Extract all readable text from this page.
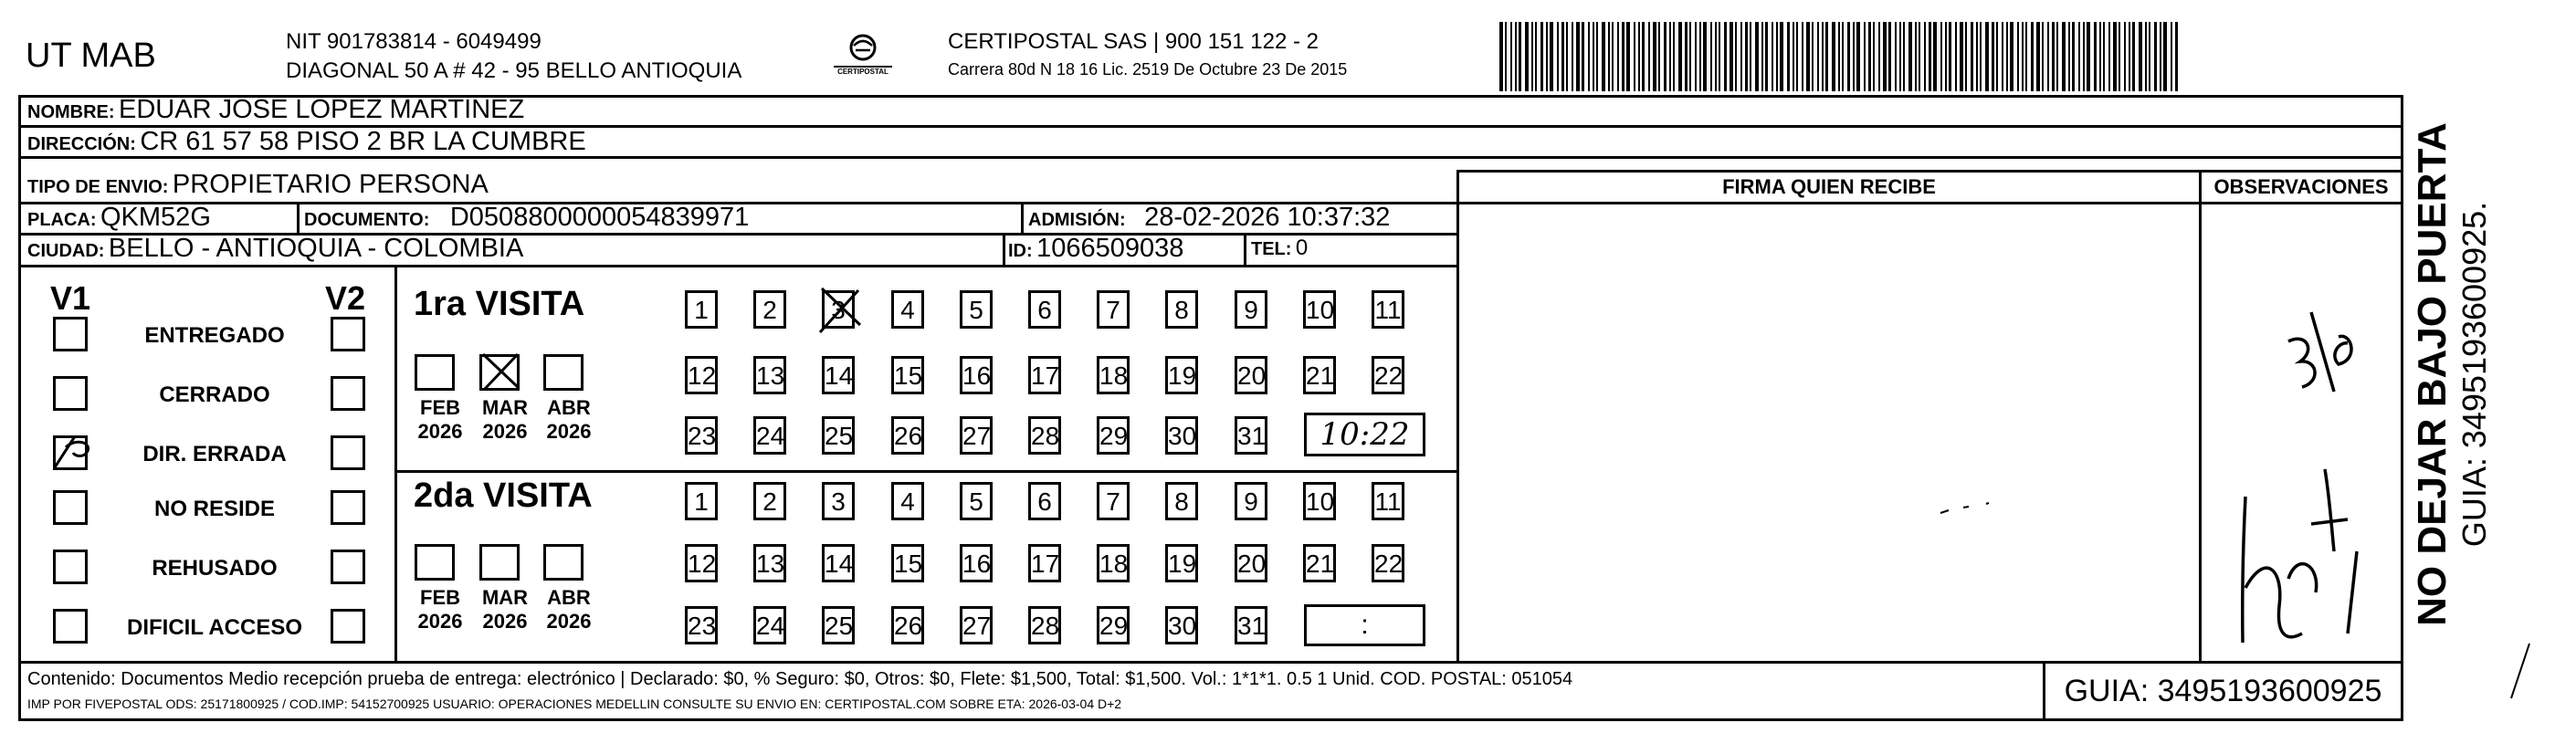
UT MAB	NIT 901783814 - 6049499
DIAGONAL 50 A # 42 - 95 BELLO ANTIOQUIA	CERTIPOSTAL
CERTIPOSTAL SAS | 900 151 122 - 2
Carrera 80d N 18 16 Lic. 2519 De Octubre 23 De 2015
NOMBRE: EDUAR JOSE LOPEZ MARTINEZ
DIRECCIÓN: CR 61 57 58 PISO 2 BR LA CUMBRE
TIPO DE ENVIO: PROPIETARIO PERSONA
PLACA: QKM52G	DOCUMENTO: D0508800000054839971	ADMISIÓN: 28-02-2026 10:37:32
CIUDAD: BELLO - ANTIOQUIA - COLOMBIA	ID: 1066509038	TEL: 0
FIRMA QUIEN RECIBE	OBSERVACIONES
V1	V2
ENTREGADO
CERRADO
DIR. ERRADA
NO RESIDE
REHUSADO
DIFICIL ACCESO
1ra VISITA
FEB
2026
MAR
2026
ABR
2026
1	2	3	4	5	6	7	8	9	10 11
12 13 14 15 16 17 18 19 20 21 22
23 24 25 26 27 28 29 30 31	10:22
2da VISITA
FEB
2026
MAR
2026
ABR
2026
1	2	3	4	5	6	7	8	9	10 11
12 13 14 15 16 17 18 19 20 21 22
23 24 25 26 27 28 29 30 31	:
Contenido: Documentos Medio recepción prueba de entrega: electrónico | Declarado: $0, % Seguro: $0, Otros: $0, Flete: $1,500, Total: $1,500. Vol.: 1*1*1. 0.5 1 Unid. COD. POSTAL: 051054
IMP POR FIVEPOSTAL ODS: 25171800925 / COD.IMP: 54152700925 USUARIO: OPERACIONES MEDELLIN CONSULTE SU ENVIO EN: CERTIPOSTAL.COM SOBRE ETA: 2026-03-04 D+2	GUIA: 3495193600925
NO DEJAR BAJO PUERTA GUIA: 3495193600925.
